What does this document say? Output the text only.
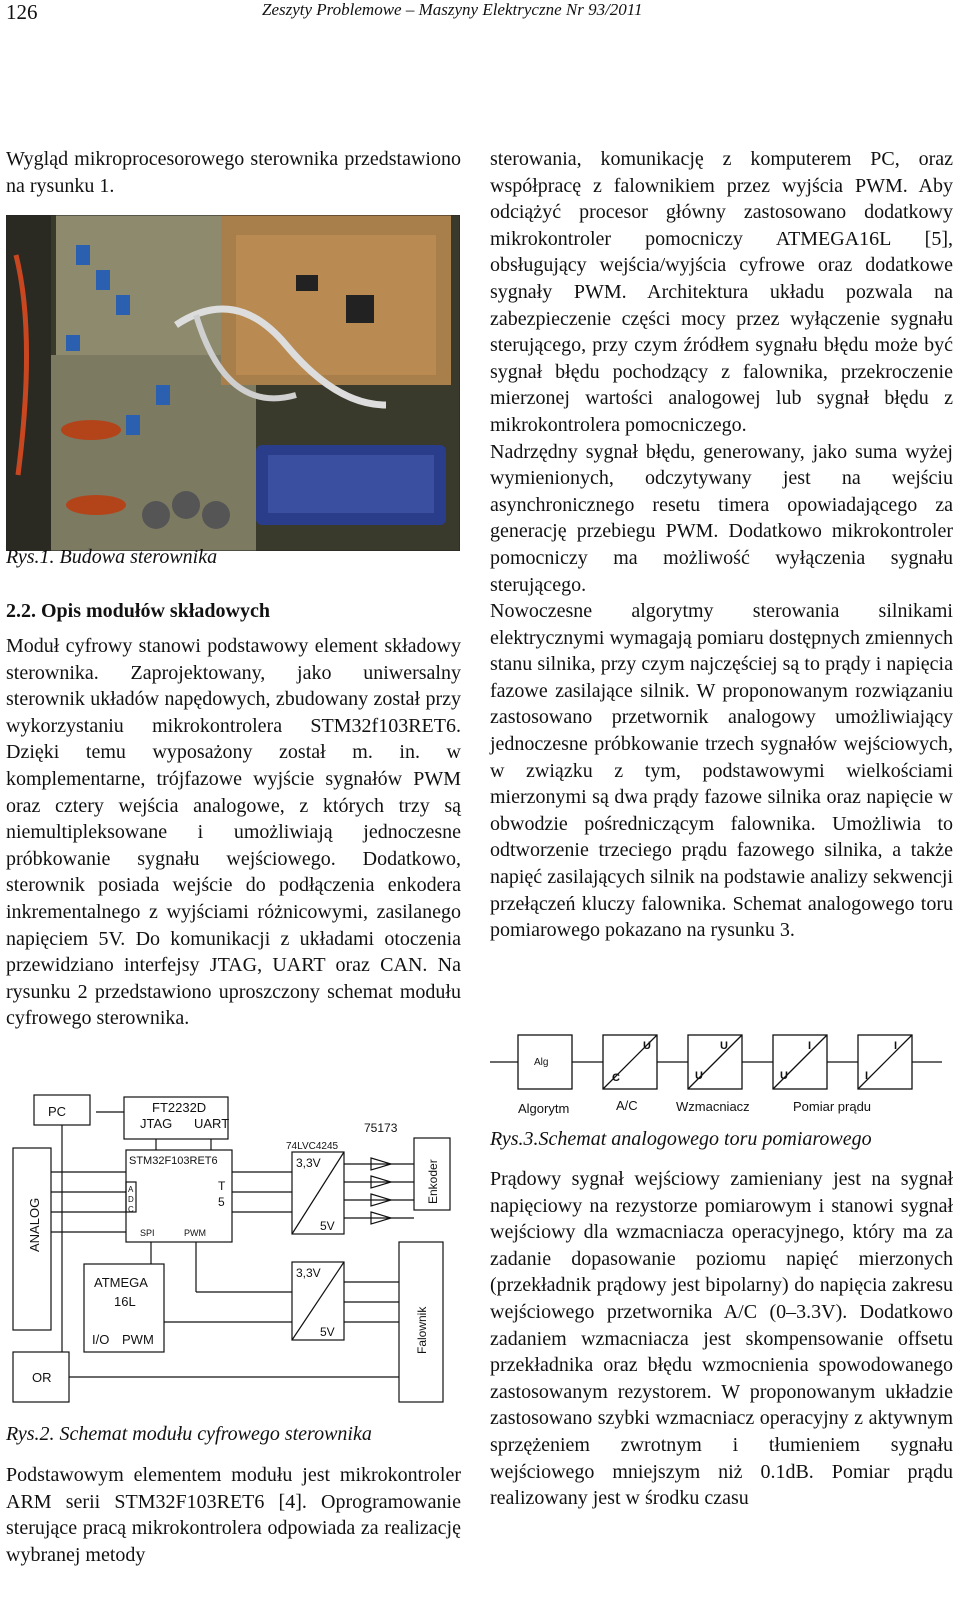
126	Zeszyty Problemowe – Maszyny Elektryczne Nr 93/2011

Wygląd mikroprocesorowego sterownika przedstawiono na rysunku 1.

Rys.1. Budowa sterownika
2.2. Opis modułów składowych

Moduł cyfrowy stanowi podstawowy element składowy sterownika. Zaprojektowany, jako uniwersalny sterownik układów napędowych, zbudowany został przy wykorzystaniu mikrokontrolera STM32f103RET6. Dzięki temu wyposażony został m. in. w komplementarne, trójfazowe wyjście sygnałów PWM oraz cztery wejścia analogowe, z których trzy są niemultipleksowane i umożliwiają jednoczesne próbkowanie sygnału wejściowego. Dodatkowo, sterownik posiada wejście do podłączenia enkodera inkrementalnego z wyjściami różnicowymi, zasilanego napięciem 5V. Do komunikacji z układami otoczenia przewidziano interfejsy JTAG, UART oraz CAN. Na rysunku 2 przedstawiono uproszczony schemat modułu cyfrowego sterownika.

PC	FT2232D
JTAG UART
ANALOG
STM32F103RET6
A
D
C
T
5
SPI	PWM
74LVC4245
3,3V
5V
3,3V
5V
75173
Enkoder
ATMEGA
16L
I/O PWM
OR
Falownik
Rys.2. Schemat modułu cyfrowego sterownika

Podstawowym elementem modułu jest mikrokontroler ARM serii STM32F103RET6 [4]. Oprogramowanie sterujące pracą mikrokontrolera odpowiada za realizację wybranej metody

sterowania, komunikację z komputerem PC, oraz współpracę z falownikiem przez wyjścia PWM. Aby odciążyć procesor główny zastosowano dodatkowy mikrokontroler pomocniczy ATMEGA16L [5], obsługujący wejścia/wyjścia cyfrowe oraz dodatkowe sygnały PWM. Architektura układu pozwala na zabezpieczenie części mocy przez wyłączenie sygnału sterującego, przy czym źródłem sygnału błędu może być sygnał błędu pochodzący z falownika, przekroczenie mierzonej wartości analogowej lub sygnał błędu z mikrokontrolera pomocniczego.

Nadrzędny sygnał błędu, generowany, jako suma wyżej wymienionych, odczytywany jest na wejściu asynchronicznego resetu timera opowiadającego za generację przebiegu PWM. Dodatkowo mikrokontroler pomocniczy ma możliwość wyłączenia sygnału sterującego.

Nowoczesne algorytmy sterowania silnikami elektrycznymi wymagają pomiaru dostępnych zmiennych stanu silnika, przy czym najczęściej są to prądy i napięcia fazowe zasilające silnik. W proponowanym rozwiązaniu zastosowano przetwornik analogowy umożliwiający jednoczesne próbkowanie trzech sygnałów wejściowych, w związku z tym, podstawowymi wielkościami mierzonymi są dwa prądy fazowe silnika oraz napięcie w obwodzie pośredniczącym falownika. Umożliwia to odtworzenie trzeciego prądu fazowego silnika, a także napięć zasilających silnik na podstawie analizy sekwencji przełączeń kluczy falownika. Schemat analogowego toru pomiarowego pokazano na rysunku 3.

Alg
C
U
U
U	I
U
I
I
Algorytm	A/C	Wzmacniacz	Pomiar prądu
Rys.3.Schemat analogowego toru pomiarowego

Prądowy sygnał wejściowy zamieniany jest na sygnał napięciowy na rezystorze pomiarowym i stanowi sygnał wejściowy dla wzmacniacza operacyjnego, który ma za zadanie dopasowanie poziomu napięć mierzonych (przekładnik prądowy jest bipolarny) do napięcia zakresu wejściowego przetwornika A/C (0–3.3V). Dodatkowo zadaniem wzmacniacza jest skompensowanie offsetu przekładnika oraz błędu wzmocnienia spowodowanego zastosowanym rezystorem. W proponowanym układzie zastosowano szybki wzmacniacz operacyjny z aktywnym sprzężeniem zwrotnym i tłumieniem sygnału wejściowego mniejszym niż 0.1dB. Pomiar prądu realizowany jest w środku czasu
